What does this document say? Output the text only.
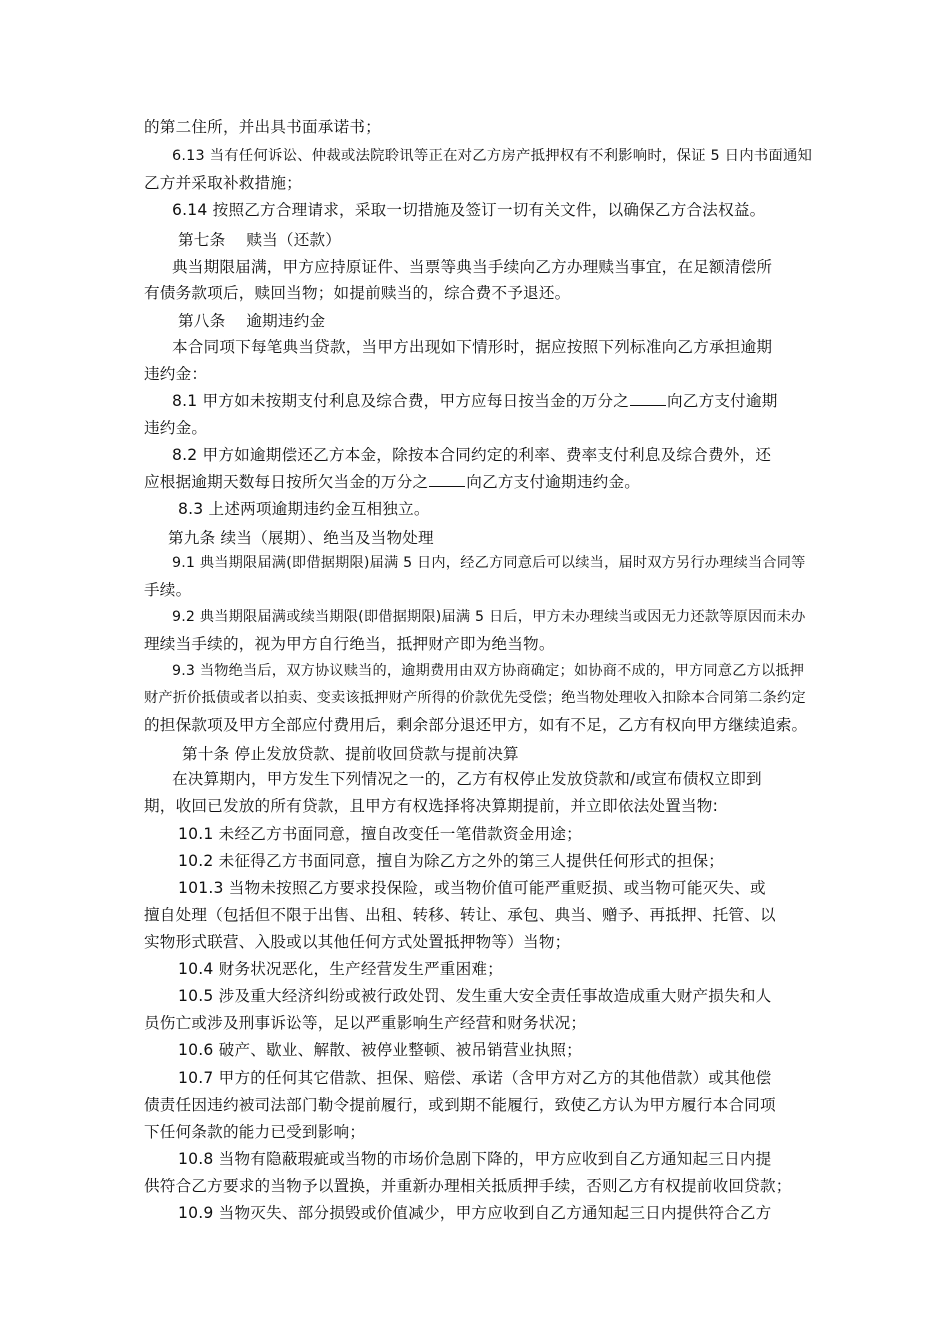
的第二住所，并出具书面承诺书；
6.13 当有任何诉讼、仲裁或法院聆讯等正在对乙方房产抵押权有不利影响时，保证 5 日内书面通知
乙方并采取补救措施；
6.14 按照乙方合理请求，采取一切措施及签订一切有关文件，以确保乙方合法权益。
第七条　 赎当（还款）
典当期限届满，甲方应持原证件、当票等典当手续向乙方办理赎当事宜，在足额清偿所
有债务款项后，赎回当物；如提前赎当的，综合费不予退还。
第八条　 逾期违约金
本合同项下每笔典当贷款，当甲方出现如下情形时，据应按照下列标准向乙方承担逾期
违约金：
8.1 甲方如未按期支付利息及综合费，甲方应每日按当金的万分之 向乙方支付逾期
违约金。
8.2 甲方如逾期偿还乙方本金，除按本合同约定的利率、费率支付利息及综合费外，还
应根据逾期天数每日按所欠当金的万分之 向乙方支付逾期违约金。
8.3 上述两项逾期违约金互相独立。
第九条 续当（展期）、绝当及当物处理
9.1 典当期限届满(即借据期限)届满 5 日内，经乙方同意后可以续当，届时双方另行办理续当合同等
手续。
9.2 典当期限届满或续当期限(即借据期限)届满 5 日后，甲方未办理续当或因无力还款等原因而未办
理续当手续的，视为甲方自行绝当，抵押财产即为绝当物。
9.3 当物绝当后，双方协议赎当的，逾期费用由双方协商确定；如协商不成的，甲方同意乙方以抵押
财产折价抵债或者以拍卖、变卖该抵押财产所得的价款优先受偿；绝当物处理收入扣除本合同第二条约定
的担保款项及甲方全部应付费用后，剩余部分退还甲方，如有不足，乙方有权向甲方继续追索。
第十条 停止发放贷款、提前收回贷款与提前决算
在决算期内，甲方发生下列情况之一的，乙方有权停止发放贷款和/或宣布债权立即到
期，收回已发放的所有贷款，且甲方有权选择将决算期提前，并立即依法处置当物:
10.1 未经乙方书面同意，擅自改变任一笔借款资金用途；
10.2 未征得乙方书面同意，擅自为除乙方之外的第三人提供任何形式的担保；
101.3 当物未按照乙方要求投保险，或当物价值可能严重贬损、或当物可能灭失、或
擅自处理（包括但不限于出售、出租、转移、转让、承包、典当、赠予、再抵押、托管、以
实物形式联营、入股或以其他任何方式处置抵押物等）当物；
10.4 财务状况恶化，生产经营发生严重困难；
10.5 涉及重大经济纠纷或被行政处罚、发生重大安全责任事故造成重大财产损失和人
员伤亡或涉及刑事诉讼等，足以严重影响生产经营和财务状况；
10.6 破产、歇业、解散、被停业整顿、被吊销营业执照；
10.7 甲方的任何其它借款、担保、赔偿、承诺（含甲方对乙方的其他借款）或其他偿
债责任因违约被司法部门勒令提前履行，或到期不能履行，致使乙方认为甲方履行本合同项
下任何条款的能力已受到影响；
10.8 当物有隐蔽瑕疵或当物的市场价急剧下降的，甲方应收到自乙方通知起三日内提
供符合乙方要求的当物予以置换，并重新办理相关抵质押手续，否则乙方有权提前收回贷款；
10.9 当物灭失、部分损毁或价值减少，甲方应收到自乙方通知起三日内提供符合乙方
